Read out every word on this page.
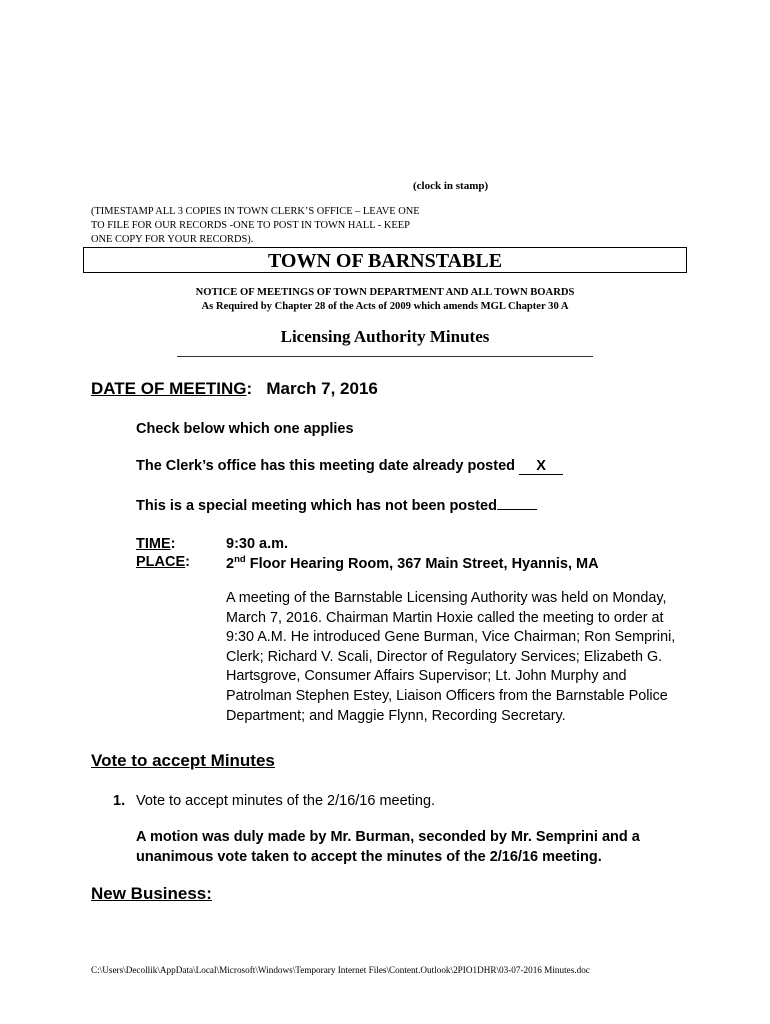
(clock in stamp)
(TIMESTAMP ALL 3 COPIES IN TOWN CLERK’S OFFICE – LEAVE ONE TO FILE FOR OUR RECORDS -ONE TO POST IN TOWN HALL - KEEP ONE COPY FOR YOUR RECORDS).
TOWN OF BARNSTABLE
NOTICE OF MEETINGS OF TOWN DEPARTMENT AND ALL TOWN BOARDS
As Required by Chapter 28 of the Acts of 2009 which amends MGL Chapter 30 A
Licensing Authority Minutes
DATE OF MEETING: March 7, 2016
Check below which one applies
The Clerk’s office has this meeting date already posted X
This is a special meeting which has not been posted
TIME:
PLACE:
9:30 a.m.
2nd Floor Hearing Room, 367 Main Street, Hyannis, MA
A meeting of the Barnstable Licensing Authority was held on Monday, March 7, 2016. Chairman Martin Hoxie called the meeting to order at 9:30 A.M. He introduced Gene Burman, Vice Chairman; Ron Semprini, Clerk; Richard V. Scali, Director of Regulatory Services; Elizabeth G. Hartsgrove, Consumer Affairs Supervisor; Lt. John Murphy and Patrolman Stephen Estey, Liaison Officers from the Barnstable Police Department; and Maggie Flynn, Recording Secretary.
Vote to accept Minutes
1. Vote to accept minutes of the 2/16/16 meeting.
A motion was duly made by Mr. Burman, seconded by Mr. Semprini and a unanimous vote taken to accept the minutes of the 2/16/16 meeting.
New Business:
C:\Users\Decollik\AppData\Local\Microsoft\Windows\Temporary Internet Files\Content.Outlook\2PIO1DHR\03-07-2016 Minutes.doc
